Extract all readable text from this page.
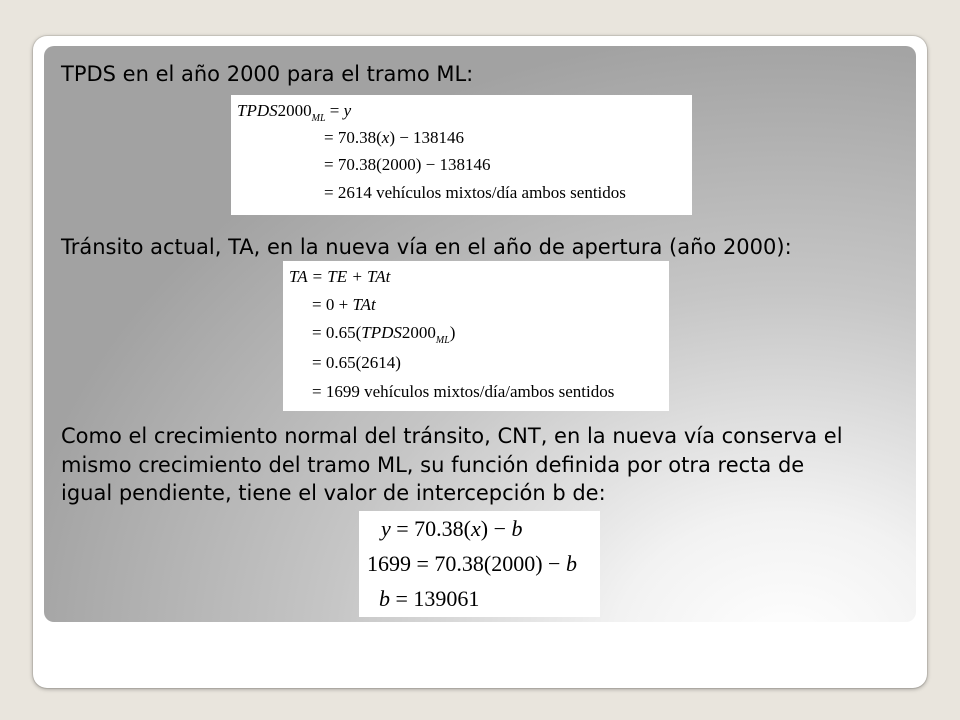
TPDS en el año 2000 para el tramo ML:

$TPDS2000_{ML} = y$
= 70.38(x) − 138146
= 70.38(2000) − 138146
= 2614 vehículos mixtos/día ambos sentidos

Tránsito actual, TA, en la nueva vía en el año de apertura (año 2000):

TA = TE + TAt
= 0 + TAt
= $0.65(TPDS2000_{ML})$
= 0.65(2614)
= 1699 vehículos mixtos/día/ambos sentidos

Como el crecimiento normal del tránsito, CNT, en la nueva vía conserva el mismo crecimiento del tramo ML, su función definida por otra recta de igual pendiente, tiene el valor de intercepción b de:

y = 70.38(x) − b
1699 = 70.38(2000) − b
b = 139061
